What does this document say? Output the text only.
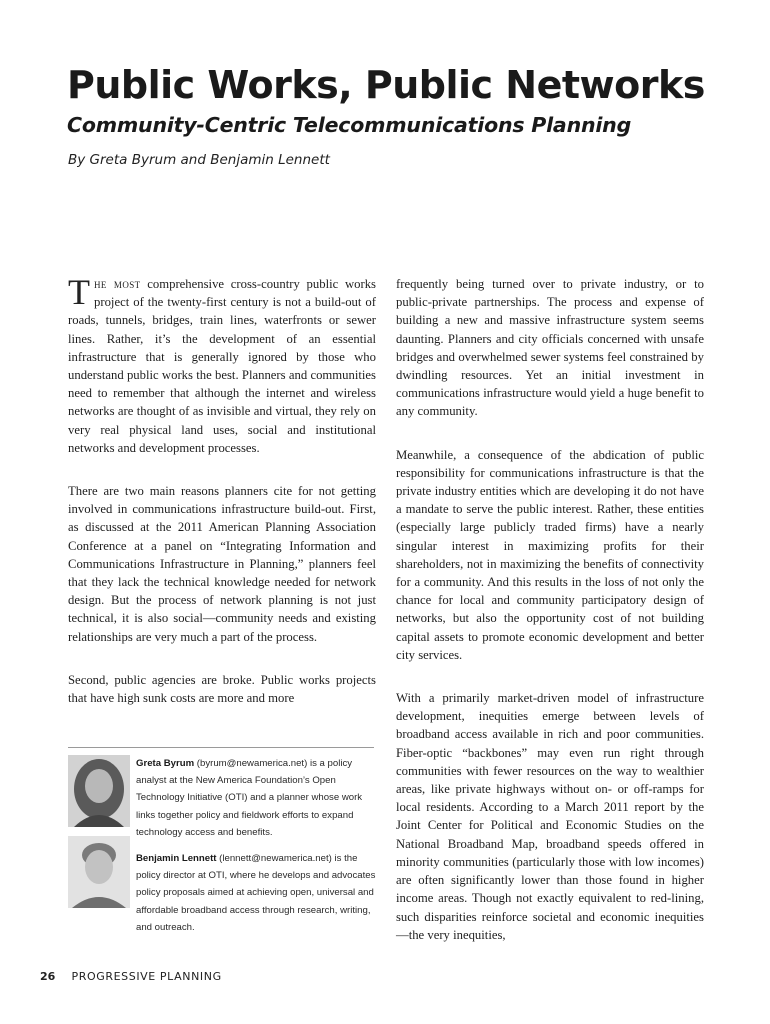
Public Works, Public Networks
Community-Centric Telecommunications Planning

By Greta Byrum and Benjamin Lennett

The most comprehensive cross-country public works project of the twenty-first century is not a build-out of roads, tunnels, bridges, train lines, waterfronts or sewer lines. Rather, it’s the development of an essential infrastructure that is generally ignored by those who understand public works the best. Planners and communities need to remember that although the internet and wireless networks are thought of as invisible and virtual, they rely on very real physical land uses, social and institutional networks and development processes.

There are two main reasons planners cite for not getting involved in communications infrastructure build-out. First, as discussed at the 2011 American Planning Association Conference at a panel on “Integrating Information and Communications Infrastructure in Planning,” planners feel that they lack the technical knowledge needed for network design. But the process of network planning is not just technical, it is also social—community needs and existing relationships are very much a part of the process.

Second, public agencies are broke. Public works projects that have high sunk costs are more and more

Greta Byrum (byrum@newamerica.net) is a policy analyst at the New America Foundation’s Open Technology Initiative (OTI) and a planner whose work links together policy and fieldwork efforts to expand technology access and benefits.

Benjamin Lennett (lennett@newamerica.net) is the policy director at OTI, where he develops and advocates policy proposals aimed at achieving open, universal and affordable broadband access through research, writing, and outreach.

frequently being turned over to private industry, or to public-private partnerships. The process and expense of building a new and massive infrastructure system seems daunting. Planners and city officials concerned with unsafe bridges and overwhelmed sewer systems feel constrained by dwindling resources. Yet an initial investment in communications infrastructure would yield a huge benefit to any community.

Meanwhile, a consequence of the abdication of public responsibility for communications infrastructure is that the private industry entities which are developing it do not have a mandate to serve the public interest. Rather, these entities (especially large publicly traded firms) have a nearly singular interest in maximizing profits for their shareholders, not in maximizing the benefits of connectivity for a community. And this results in the loss of not only the chance for local and community participatory design of networks, but also the opportunity cost of not building capital assets to promote economic development and better city services.

With a primarily market-driven model of infrastructure development, inequities emerge between levels of broadband access available in rich and poor communities. Fiber-optic “backbones” may even run right through communities with fewer resources on the way to wealthier areas, like private highways without on- or off-ramps for local residents. According to a March 2011 report by the Joint Center for Political and Economic Studies on the National Broadband Map, broadband speeds offered in minority communities (particularly those with low incomes) are often significantly lower than those found in higher income areas. Though not exactly equivalent to red-lining, such disparities reinforce societal and economic inequities—the very inequities,

26 PROGRESSIVE PLANNING
